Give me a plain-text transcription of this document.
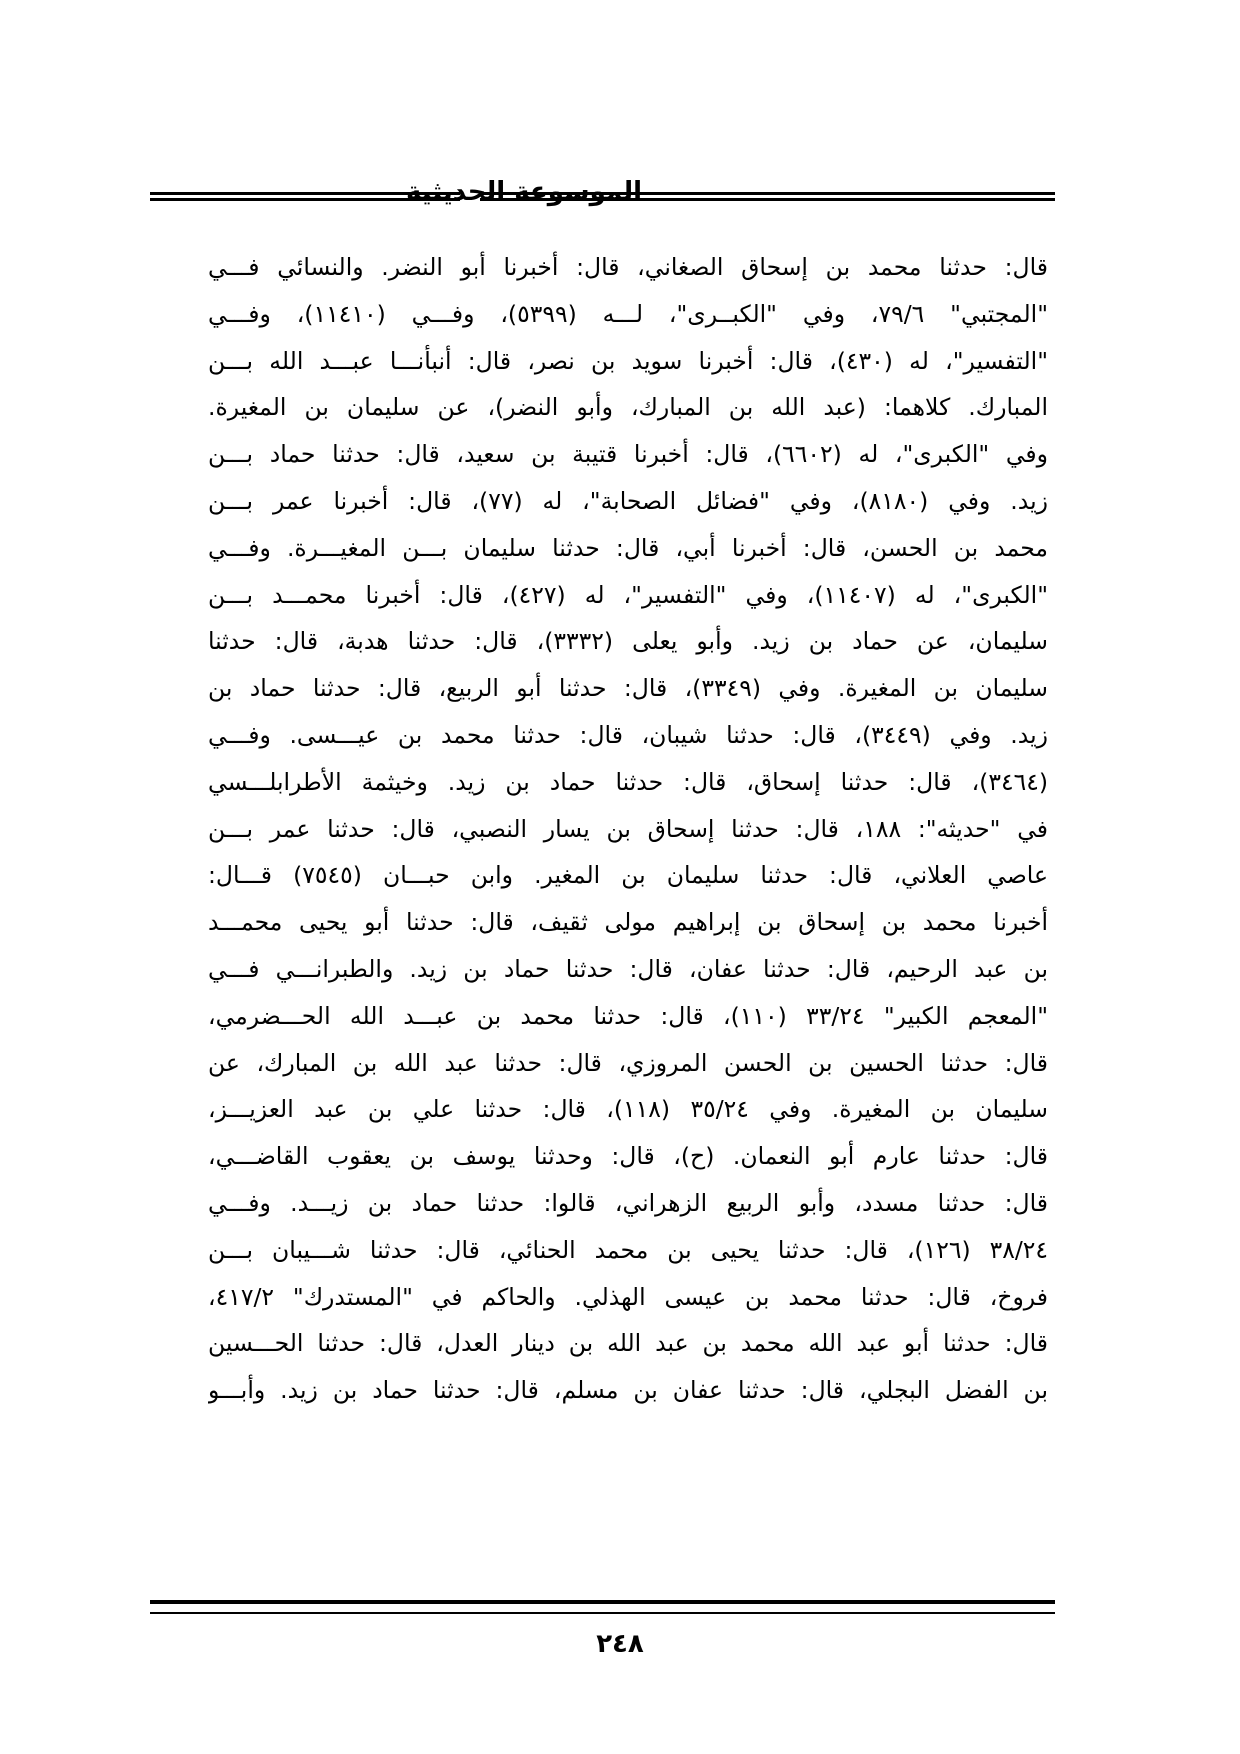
الموسوعة الحديثية
قال: حدثنا محمد بن إسحاق الصغاني، قال: أخبرنا أبو النضر. والنسائي فـــي
"المجتبي" ٧٩/٦، وفي "الكبــرى"، لـــه (٥٣٩٩)، وفـــي (١١٤١٠)، وفـــي
"التفسير"، له (٤٣٠)، قال: أخبرنا سويد بن نصر، قال: أنبأنـــا عبـــد الله بـــن
المبارك. كلاهما: (عبد الله بن المبارك، وأبو النضر)، عن سليمان بن المغيرة.
وفي "الكبرى"، له (٦٦٠٢)، قال: أخبرنا قتيبة بن سعيد، قال: حدثنا حماد بـــن
زيد. وفي (٨١٨٠)، وفي "فضائل الصحابة"، له (٧٧)، قال: أخبرنا عمر بـــن
محمد بن الحسن، قال: أخبرنا أبي، قال: حدثنا سليمان بـــن المغيـــرة. وفـــي
"الكبرى"، له (١١٤٠٧)، وفي "التفسير"، له (٤٢٧)، قال: أخبرنا محمـــد بـــن
سليمان، عن حماد بن زيد. وأبو يعلى (٣٣٣٢)، قال: حدثنا هدبة، قال: حدثنا
سليمان بن المغيرة. وفي (٣٣٤٩)، قال: حدثنا أبو الربيع، قال: حدثنا حماد بن
زيد. وفي (٣٤٤٩)، قال: حدثنا شيبان، قال: حدثنا محمد بن عيـــسى. وفـــي
(٣٤٦٤)، قال: حدثنا إسحاق، قال: حدثنا حماد بن زيد. وخيثمة الأطرابلـــسي
في "حديثه": ١٨٨، قال: حدثنا إسحاق بن يسار النصبي، قال: حدثنا عمر بـــن
عاصي العلاني، قال: حدثنا سليمان بن المغير. وابن حبـــان (٧٥٤٥) قـــال:
أخبرنا محمد بن إسحاق بن إبراهيم مولى ثقيف، قال: حدثنا أبو يحيى محمـــد
بن عبد الرحيم، قال: حدثنا عفان، قال: حدثنا حماد بن زيد. والطبرانـــي فـــي
"المعجم الكبير" ٣٣/٢٤ (١١٠)، قال: حدثنا محمد بن عبـــد الله الحـــضرمي،
قال: حدثنا الحسين بن الحسن المروزي، قال: حدثنا عبد الله بن المبارك، عن
سليمان بن المغيرة. وفي ٣٥/٢٤ (١١٨)، قال: حدثنا علي بن عبد العزيـــز،
قال: حدثنا عارم أبو النعمان. (ح)، قال: وحدثنا يوسف بن يعقوب القاضـــي،
قال: حدثنا مسدد، وأبو الربيع الزهراني، قالوا: حدثنا حماد بن زيـــد. وفـــي
٣٨/٢٤ (١٢٦)، قال: حدثنا يحيى بن محمد الحنائي، قال: حدثنا شـــيبان بـــن
فروخ، قال: حدثنا محمد بن عيسى الهذلي. والحاكم في "المستدرك" ٤١٧/٢،
قال: حدثنا أبو عبد الله محمد بن عبد الله بن دينار العدل، قال: حدثنا الحـــسين
بن الفضل البجلي، قال: حدثنا عفان بن مسلم، قال: حدثنا حماد بن زيد. وأبـــو
٢٤٨
